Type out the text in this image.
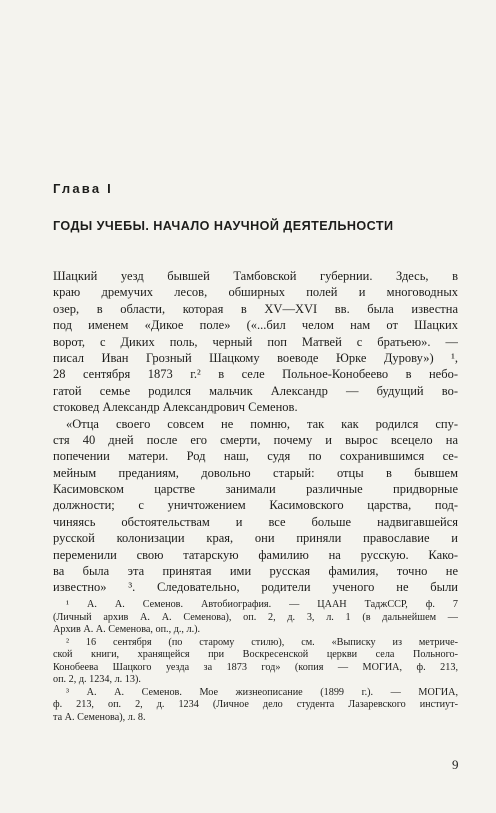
Глава I
ГОДЫ УЧЕБЫ. НАЧАЛО НАУЧНОЙ ДЕЯТЕЛЬНОСТИ
Шацкий уезд бывшей Тамбовской губернии. Здесь, в
краю дремучих лесов, обширных полей и многоводных
озер, в области, которая в XV—XVI вв. была известна
под именем «Дикое поле» («...бил челом нам от Шацких
ворот, с Диких поль, черный поп Матвей с братьею». —
писал Иван Грозный Шацкому воеводе Юрке Дурову») ¹,
28 сентября 1873 г.² в селе Польное-Конобеево в небо-
гатой семье родился мальчик Александр — будущий во-
стоковед Александр Александрович Семенов.
«Отца своего совсем не помню, так как родился спу-
стя 40 дней после его смерти, почему и вырос всецело на
попечении матери. Род наш, судя по сохранившимся се-
мейным преданиям, довольно старый: отцы в бывшем
Касимовском царстве занимали различные придворные
должности; с уничтожением Касимовского царства, под-
чиняясь обстоятельствам и все больше надвигавшейся
русской колонизации края, они приняли православие и
переменили свою татарскую фамилию на русскую. Како-
ва была эта принятая ими русская фамилия, точно не
известно» ³. Следовательно, родители ученого не были
¹ А. А. Семенов. Автобиография. — ЦААН ТаджССР, ф. 7
(Личный архив А. А. Семенова), оп. 2, д. 3, л. 1 (в дальнейшем —
Архив А. А. Семенова, оп., д., л.).
² 16 сентября (по старому стилю), см. «Выписку из метриче-
ской книги, хранящейся при Воскресенской церкви села Польного-
Конобеева Шацкого уезда за 1873 год» (копия — МОГИА, ф. 213,
оп. 2, д. 1234, л. 13).
³ А. А. Семенов. Мое жизнеописание (1899 г.). — МОГИА,
ф. 213, оп. 2, д. 1234 (Личное дело студента Лазаревского инстиут-
та А. Семенова), л. 8.
9
